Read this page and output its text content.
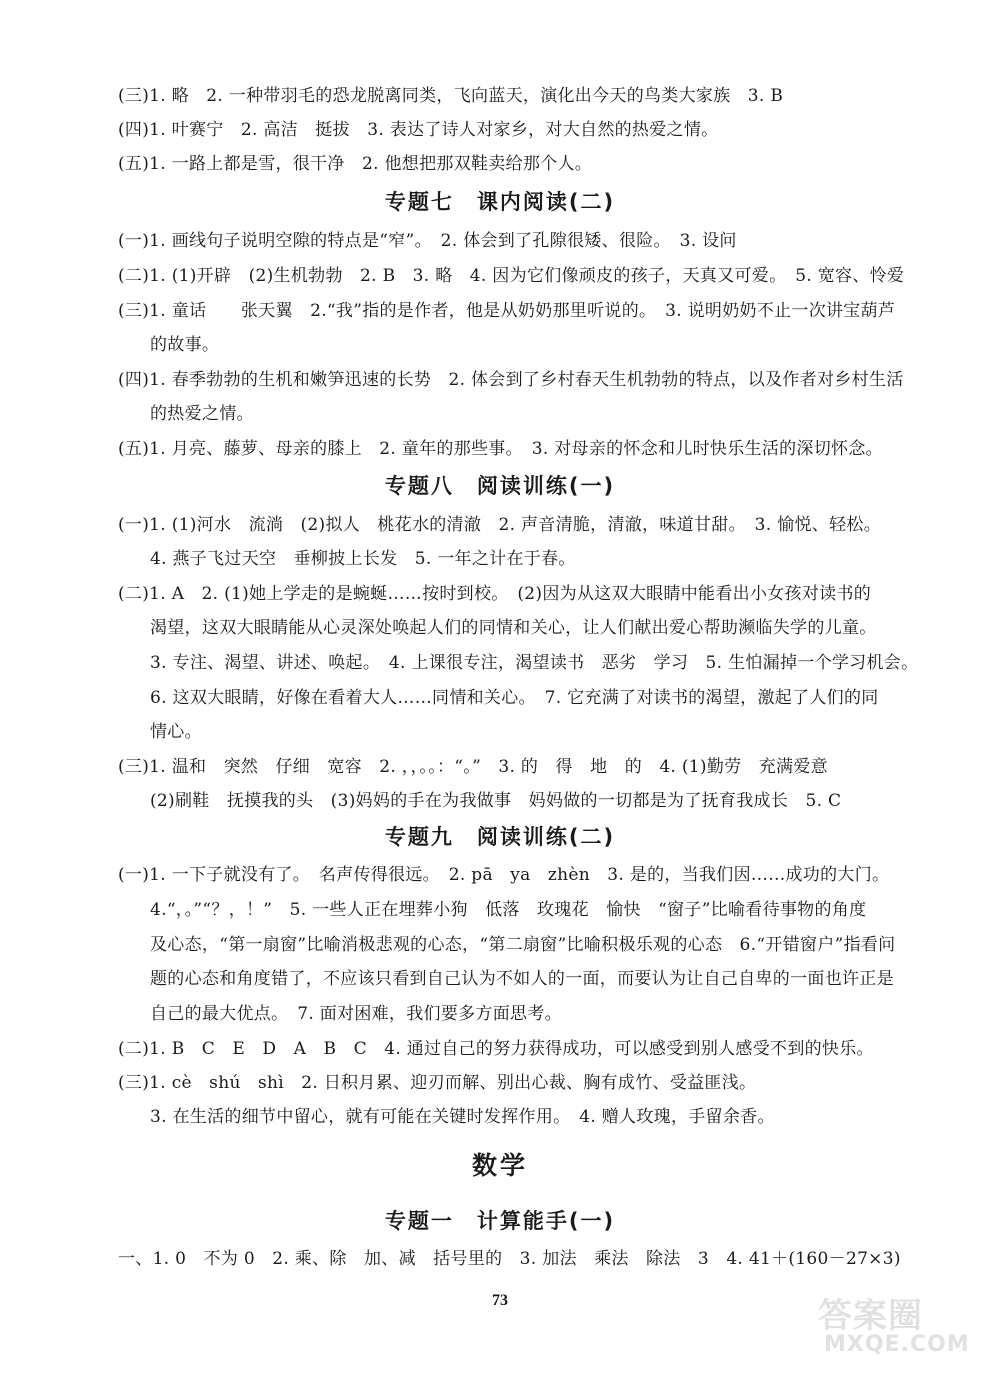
(三)1. 略　2. 一种带羽毛的恐龙脱离同类，飞向蓝天，演化出今天的鸟类大家族　3. B
(四)1. 叶赛宁　2. 高洁　挺拔　3. 表达了诗人对家乡，对大自然的热爱之情。
(五)1. 一路上都是雪，很干净　2. 他想把那双鞋卖给那个人。
专题七　课内阅读(二)
(一)1. 画线句子说明空隙的特点是“窄”。　2. 体会到了孔隙很矮、很险。　3. 设问
(二)1. (1)开辟　(2)生机勃勃　2. B　3. 略　4. 因为它们像顽皮的孩子，天真又可爱。　5. 宽容、怜爱
(三)1. 童话　　张天翼　2.“我”指的是作者，他是从奶奶那里听说的。　3. 说明奶奶不止一次讲宝葫芦
的故事。
(四)1. 春季勃勃的生机和嫩笋迅速的长势　2. 体会到了乡村春天生机勃勃的特点，以及作者对乡村生活
的热爱之情。
(五)1. 月亮、藤萝、母亲的膝上　2. 童年的那些事。　3. 对母亲的怀念和儿时快乐生活的深切怀念。
专题八　阅读训练(一)
(一)1. (1)河水　流淌　(2)拟人　桃花水的清澈　2. 声音清脆，清澈，味道甘甜。　3. 愉悦、轻松。
4. 燕子飞过天空　垂柳披上长发　5. 一年之计在于春。
(二)1. A　2. (1)她上学走的是蜿蜒……按时到校。　(2)因为从这双大眼睛中能看出小女孩对读书的
渴望，这双大眼睛能从心灵深处唤起人们的同情和关心，让人们献出爱心帮助濒临失学的儿童。
3. 专注、渴望、讲述、唤起。　4. 上课很专注，渴望读书　恶劣　学习　5. 生怕漏掉一个学习机会。
6. 这双大眼睛，好像在看着大人……同情和关心。　7. 它充满了对读书的渴望，激起了人们的同
情心。
(三)1. 温和　突然　仔细　宽容　2. ，，。。：“。”　3. 的　得　地　的　4. (1)勤劳　充满爱意
(2)刷鞋　抚摸我的头　(3)妈妈的手在为我做事　妈妈做的一切都是为了抚育我成长　5. C
专题九　阅读训练(二)
(一)1. 一下子就没有了。　名声传得很远。　2. pā　ya　zhèn　3. 是的，当我们因……成功的大门。
4.“，。”“？，！”　5. 一些人正在埋葬小狗　低落　玫瑰花　愉快　“窗子”比喻看待事物的角度
及心态，“第一扇窗”比喻消极悲观的心态，“第二扇窗”比喻积极乐观的心态　6.“开错窗户”指看问
题的心态和角度错了，不应该只看到自己认为不如人的一面，而要认为让自己自卑的一面也许正是
自己的最大优点。　7. 面对困难，我们要多方面思考。
(二)1. B　C　E　D　A　B　C　4. 通过自己的努力获得成功，可以感受到别人感受不到的快乐。
(三)1. cè　shú　shì　2. 日积月累、迎刃而解、别出心裁、胸有成竹、受益匪浅。
3. 在生活的细节中留心，就有可能在关键时发挥作用。　4. 赠人玫瑰，手留余香。
数学
专题一　计算能手(一)
一、1. 0　不为 0　2. 乘、除　加、减　括号里的　3. 加法　乘法　除法　3　4. 41＋(160－27×3)
73	答案圈
MXQE.COM
